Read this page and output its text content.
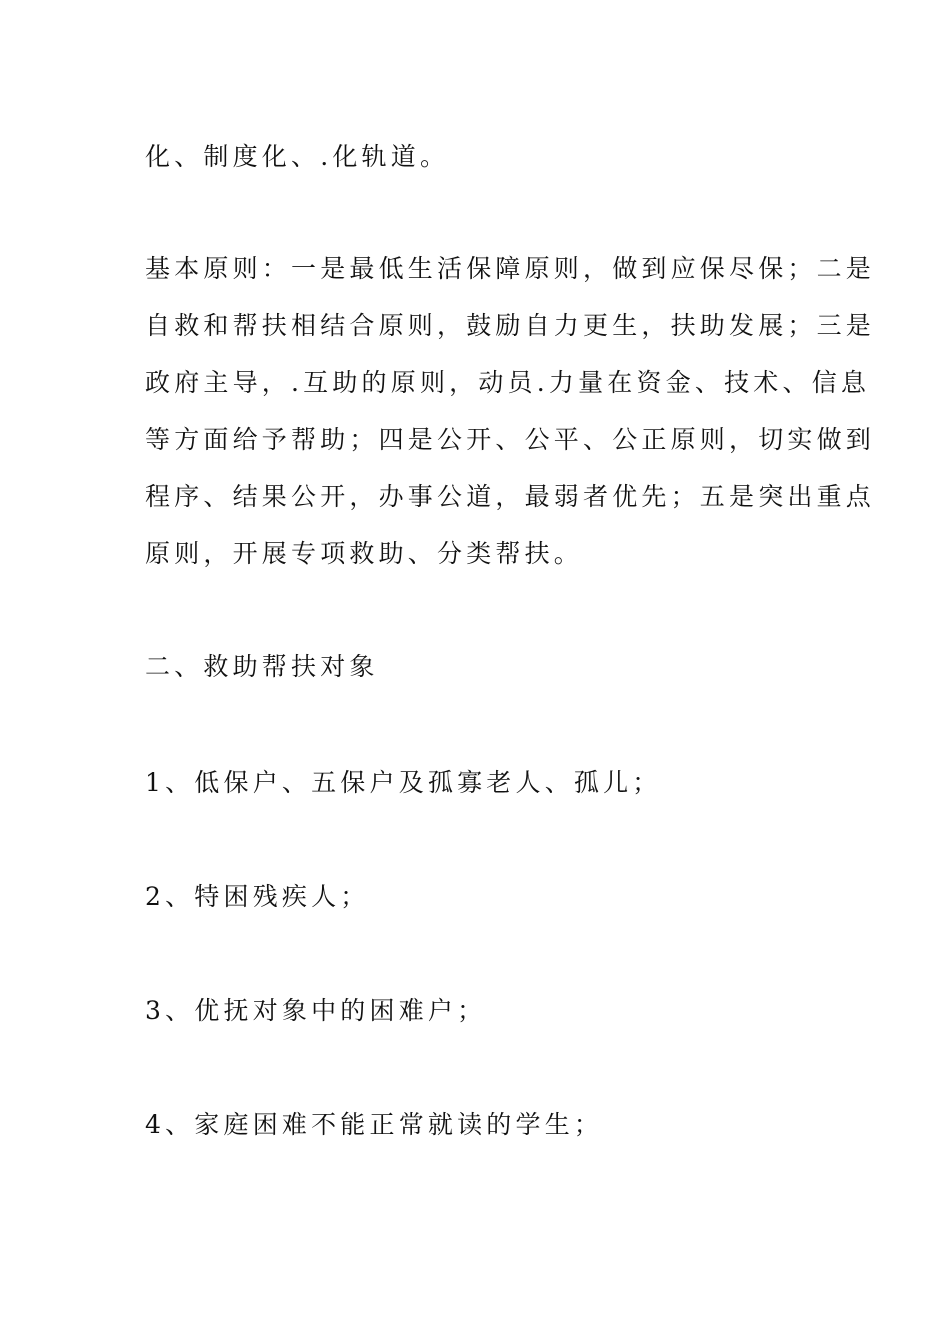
化、制度化、.化轨道。
基本原则：一是最低生活保障原则，做到应保尽保；二是
自救和帮扶相结合原则，鼓励自力更生，扶助发展；三是
政府主导，.互助的原则，动员.力量在资金、技术、信息
等方面给予帮助；四是公开、公平、公正原则，切实做到
程序、结果公开，办事公道，最弱者优先；五是突出重点
原则，开展专项救助、分类帮扶。
二、救助帮扶对象
1、低保户、五保户及孤寡老人、孤儿；
2、特困残疾人；
3、优抚对象中的困难户；
4、家庭困难不能正常就读的学生；
